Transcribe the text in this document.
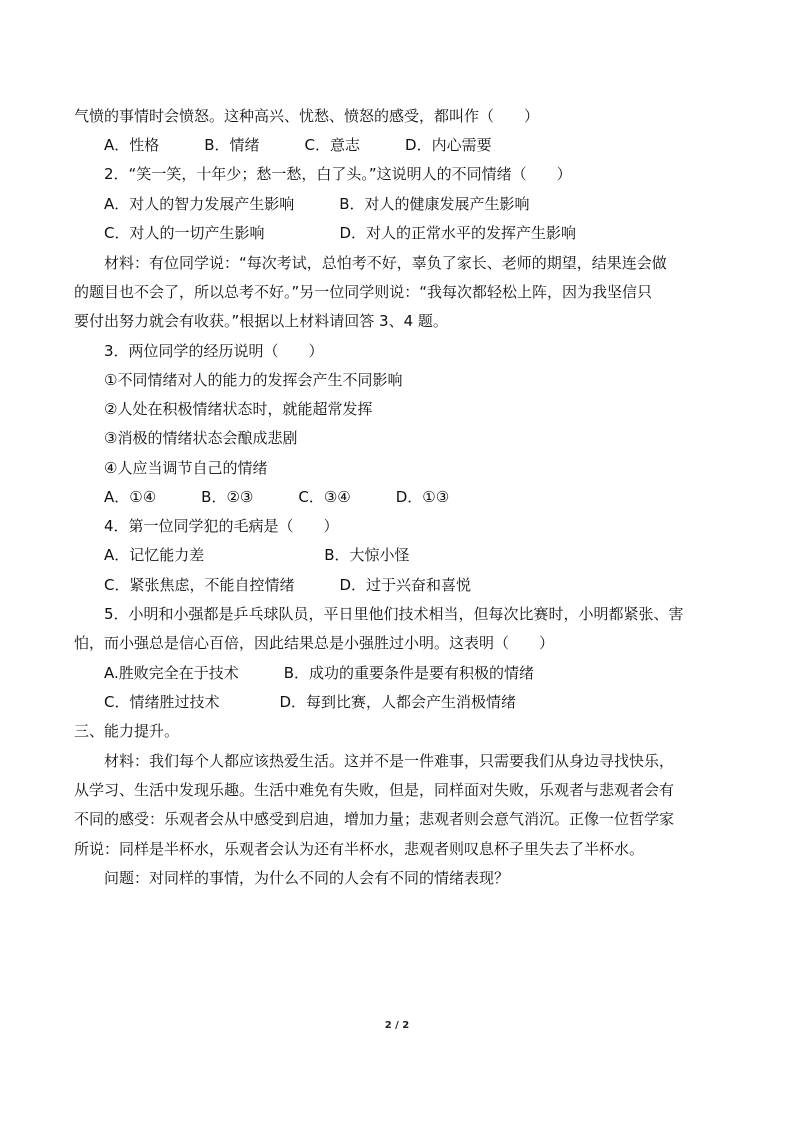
气愤的事情时会愤怒。这种高兴、忧愁、愤怒的感受，都叫作（　　）
A．性格　　　B．情绪　　　C．意志　　　D．内心需要
2．“笑一笑，十年少；愁一愁，白了头。”这说明人的不同情绪（　　）
A．对人的智力发展产生影响　　　B．对人的健康发展产生影响
C．对人的一切产生影响　　　　　D．对人的正常水平的发挥产生影响
材料：有位同学说：“每次考试，总怕考不好，辜负了家长、老师的期望，结果连会做
的题目也不会了，所以总考不好。”另一位同学则说：“我每次都轻松上阵，因为我坚信只
要付出努力就会有收获。”根据以上材料请回答 3、4 题。
3．两位同学的经历说明（　　）
①不同情绪对人的能力的发挥会产生不同影响
②人处在积极情绪状态时，就能超常发挥
③消极的情绪状态会酿成悲剧
④人应当调节自己的情绪
A．①④　　　B．②③　　　C．③④　　　D．①③
4．第一位同学犯的毛病是（　　）
A．记忆能力差　　　　　　　　B．大惊小怪
C．紧张焦虑，不能自控情绪　　　D．过于兴奋和喜悦
5．小明和小强都是乒乓球队员，平日里他们技术相当，但每次比赛时，小明都紧张、害
怕，而小强总是信心百倍，因此结果总是小强胜过小明。这表明（　　）
A.胜败完全在于技术　　　B．成功的重要条件是要有积极的情绪
C．情绪胜过技术　　　　D．每到比赛，人都会产生消极情绪
三、能力提升。
材料：我们每个人都应该热爱生活。这并不是一件难事，只需要我们从身边寻找快乐，
从学习、生活中发现乐趣。生活中难免有失败，但是，同样面对失败，乐观者与悲观者会有
不同的感受：乐观者会从中感受到启迪，增加力量；悲观者则会意气消沉。正像一位哲学家
所说：同样是半杯水，乐观者会认为还有半杯水，悲观者则叹息杯子里失去了半杯水。
问题：对同样的事情，为什么不同的人会有不同的情绪表现？
2 / 2
